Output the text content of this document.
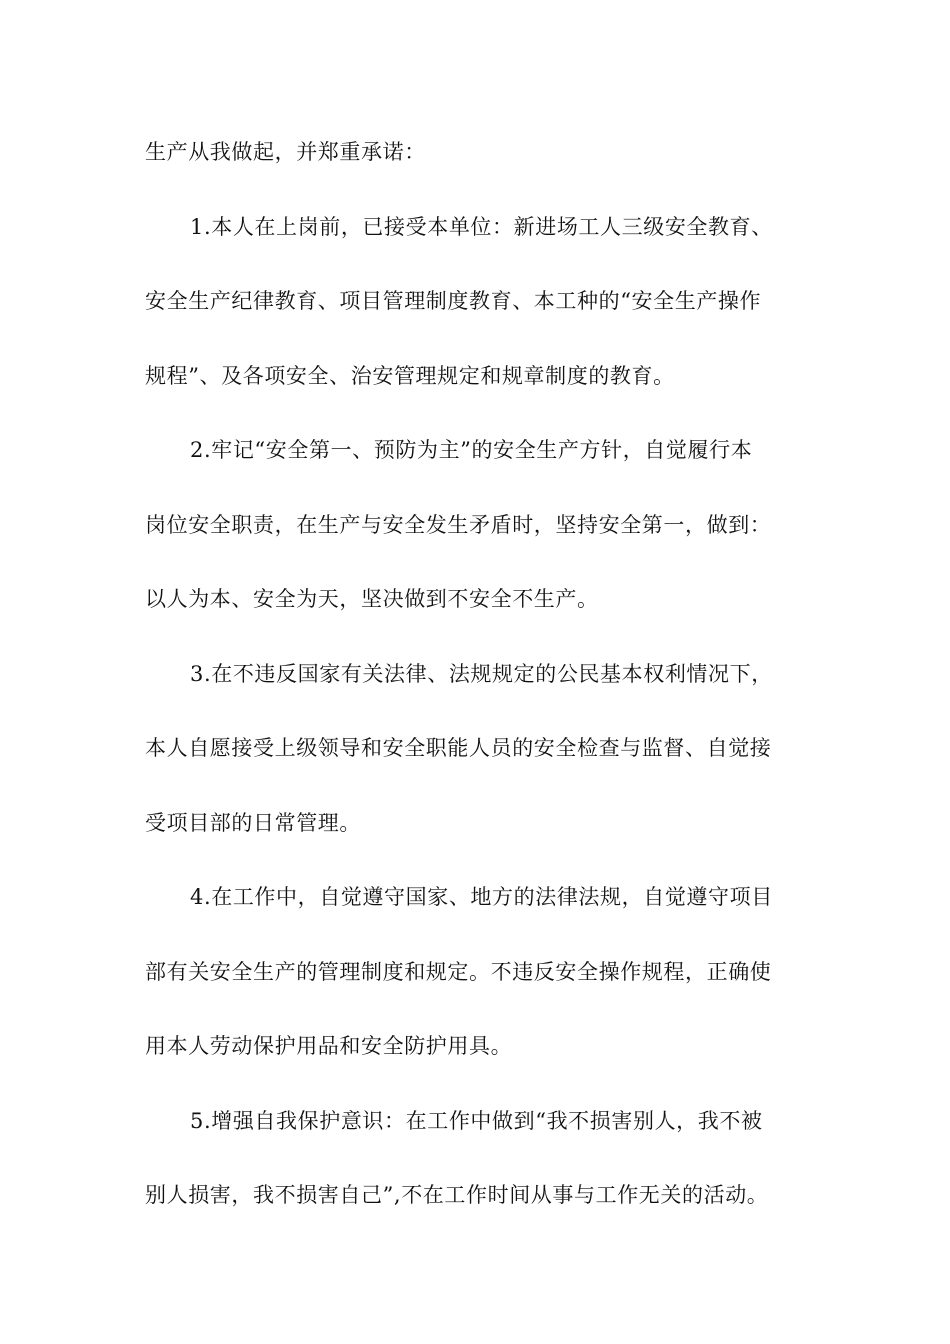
生产从我做起，并郑重承诺：
1.本人在上岗前，已接受本单位：新进场工人三级安全教育、
安全生产纪律教育、项目管理制度教育、本工种的“安全生产操作
规程”、及各项安全、治安管理规定和规章制度的教育。
2.牢记“安全第一、预防为主”的安全生产方针，自觉履行本
岗位安全职责，在生产与安全发生矛盾时，坚持安全第一，做到：
以人为本、安全为天，坚决做到不安全不生产。
3.在不违反国家有关法律、法规规定的公民基本权利情况下，
本人自愿接受上级领导和安全职能人员的安全检查与监督、自觉接
受项目部的日常管理。
4.在工作中，自觉遵守国家、地方的法律法规，自觉遵守项目
部有关安全生产的管理制度和规定。不违反安全操作规程，正确使
用本人劳动保护用品和安全防护用具。
5.增强自我保护意识：在工作中做到“我不损害别人，我不被
别人损害，我不损害自己”,不在工作时间从事与工作无关的活动。
